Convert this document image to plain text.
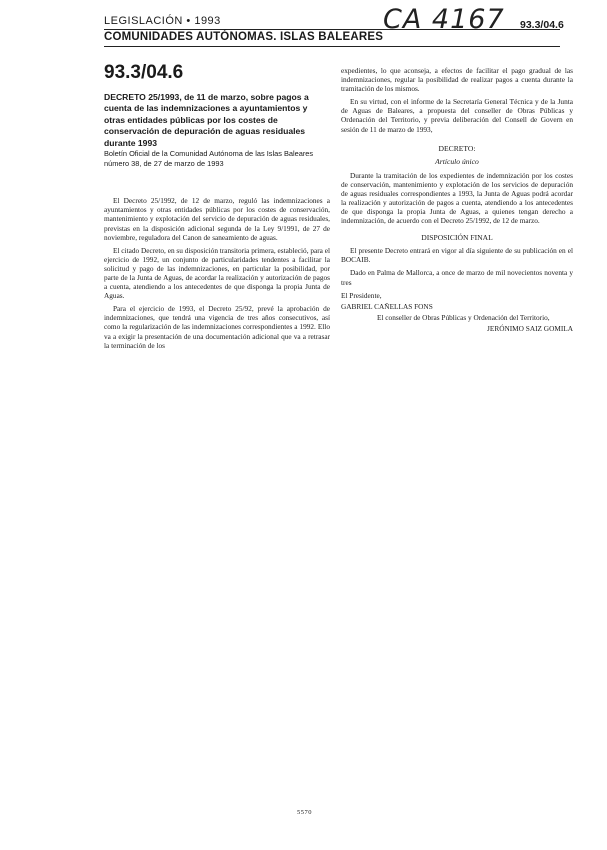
LEGISLACIÓN • 1993	CA 4167 93.3/04.6
COMUNIDADES AUTÓNOMAS. ISLAS BALEARES
93.3/04.6
DECRETO 25/1993, de 11 de marzo, sobre pagos a cuenta de las indemnizaciones a ayuntamientos y otras entidades públicas por los costes de conservación de depuración de aguas residuales durante 1993
Boletín Oficial de la Comunidad Autónoma de las Islas Baleares número 38, de 27 de marzo de 1993

El Decreto 25/1992, de 12 de marzo, reguló las indemnizaciones a ayuntamientos y otras entidades públicas por los costes de conservación, mantenimiento y explotación del servicio de depuración de aguas residuales, previstas en la disposición adicional segunda de la Ley 9/1991, de 27 de noviembre, reguladora del Canon de saneamiento de aguas.

El citado Decreto, en su disposición transitoria primera, estableció, para el ejercicio de 1992, un conjunto de particularidades tendentes a facilitar la solicitud y pago de las indemnizaciones, en particular la posibilidad, por parte de la Junta de Aguas, de acordar la realización y autorización de pagos a cuenta, atendiendo a los antecedentes de que disponga la propia Junta de Aguas.

Para el ejercicio de 1993, el Decreto 25/92, prevé la aprobación de indemnizaciones, que tendrá una vigencia de tres años consecutivos, así como la regularización de las indemnizaciones correspondientes a 1992. Ello va a exigir la presentación de una documentación adicional que va a retrasar la terminación de los

expedientes, lo que aconseja, a efectos de facilitar el pago gradual de las indemnizaciones, regular la posibilidad de realizar pagos a cuenta durante la tramitación de los mismos.

En su virtud, con el informe de la Secretaría General Técnica y de la Junta de Aguas de Baleares, a propuesta del conseller de Obras Públicas y Ordenación del Territorio, y previa deliberación del Consell de Govern en sesión de 11 de marzo de 1993,

DECRETO:
Artículo único

Durante la tramitación de los expedientes de indemnización por los costes de conservación, mantenimiento y explotación de los servicios de depuración de aguas residuales correspondientes a 1993, la Junta de Aguas podrá acordar la realización y autorización de pagos a cuenta, atendiendo a los antecedentes de que disponga la propia Junta de Aguas, a quienes tengan derecho a indemnización, de acuerdo con el Decreto 25/1992, de 12 de marzo.

DISPOSICIÓN FINAL

El presente Decreto entrará en vigor al día siguiente de su publicación en el BOCAIB.

Dado en Palma de Mallorca, a once de marzo de mil novecientos noventa y tres

El Presidente,

GABRIEL CAÑELLAS FONS

El conseller de Obras Públicas y Ordenación del Territorio,

JERÓNIMO SAIZ GOMILA

5570
